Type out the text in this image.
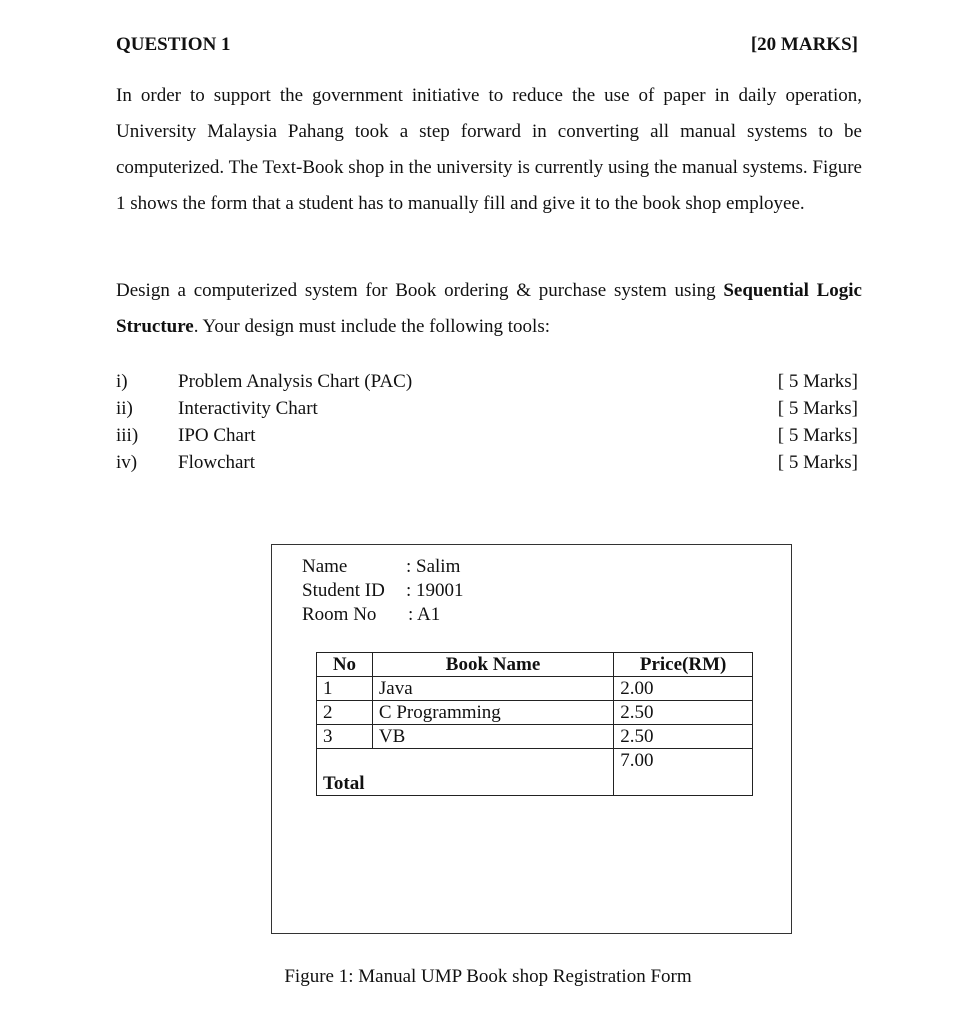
QUESTION 1	[20 MARKS]

In order to support the government initiative to reduce the use of paper in daily operation, University Malaysia Pahang took a step forward in converting all manual systems to be computerized. The Text-Book shop in the university is currently using the manual systems. Figure 1 shows the form that a student has to manually fill and give it to the book shop employee.

Design a computerized system for Book ordering & purchase system using Sequential Logic Structure. Your design must include the following tools:

i)	Problem Analysis Chart (PAC)	[ 5 Marks]
ii) Interactivity Chart	[ 5 Marks]
iii) IPO Chart	[ 5 Marks]
iv) Flowchart	[ 5 Marks]
Name	: Salim
Student ID : 19001
Room No : A1
No	Book Name	Price(RM)
1	Java	2.00
2	C Programming	2.50
3	VB	2.50
Total		7.00
Figure 1: Manual UMP Book shop Registration Form
